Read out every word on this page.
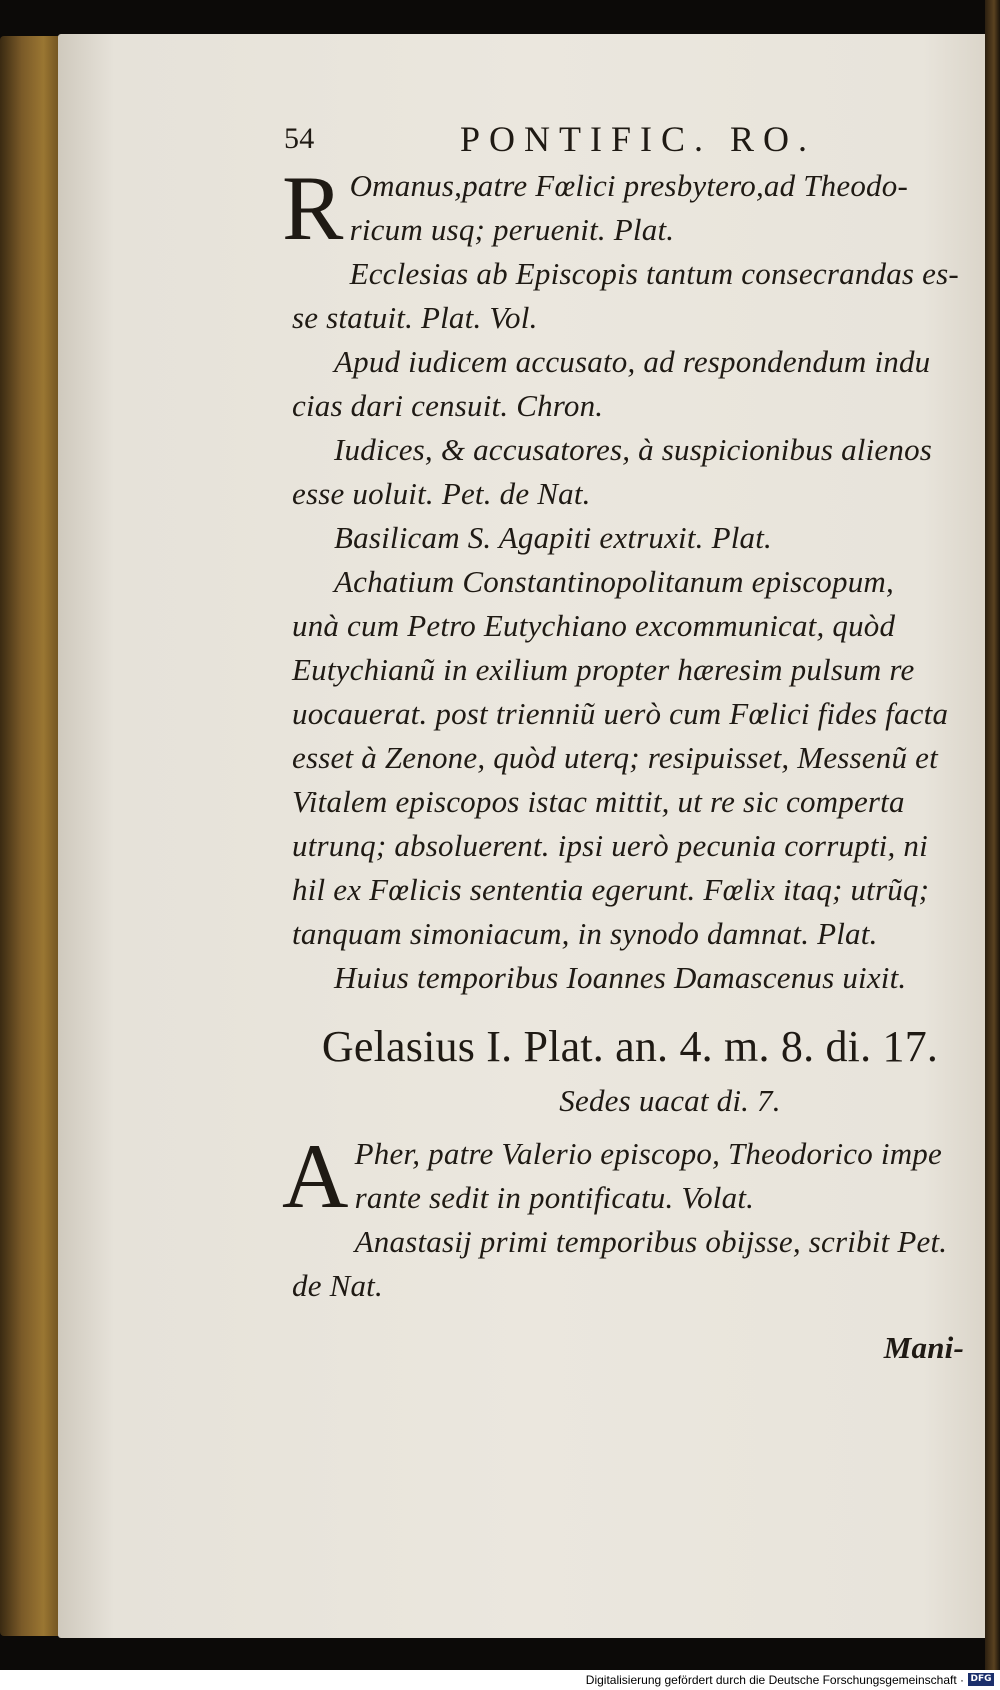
54	PONTIFIC. RO.
R Omanus,patre Fœlici presbytero,ad Theodo-
ricum usq; peruenit. Plat.
Ecclesias ab Episcopis tantum consecrandas es-
se statuit. Plat. Vol.
Apud iudicem accusato, ad respondendum indu
cias dari censuit. Chron.
Iudices, & accusatores, à suspicionibus alienos
esse uoluit. Pet. de Nat.
Basilicam S. Agapiti extruxit. Plat.
Achatium Constantinopolitanum episcopum,
unà cum Petro Eutychiano excommunicat, quòd
Eutychianũ in exilium propter hæresim pulsum re
uocauerat. post trienniũ uerò cum Fœlici fides facta
esset à Zenone, quòd uterq; resipuisset, Messenũ et
Vitalem episcopos istac mittit, ut re sic comperta
utrunq; absoluerent. ipsi uerò pecunia corrupti, ni
hil ex Fœlicis sententia egerunt. Fœlix itaq; utrũq;
tanquam simoniacum, in synodo damnat. Plat.
Huius temporibus Ioannes Damascenus uixit.
Gelasius I. Plat. an. 4. m. 8. di. 17.
Sedes uacat di. 7.
A Pher, patre Valerio episcopo, Theodorico impe
rante sedit in pontificatu. Volat.
Anastasij primi temporibus obijsse, scribit Pet.
de Nat.
Mani-
Digitalisierung gefördert durch die Deutsche Forschungsgemeinschaft · DFG
